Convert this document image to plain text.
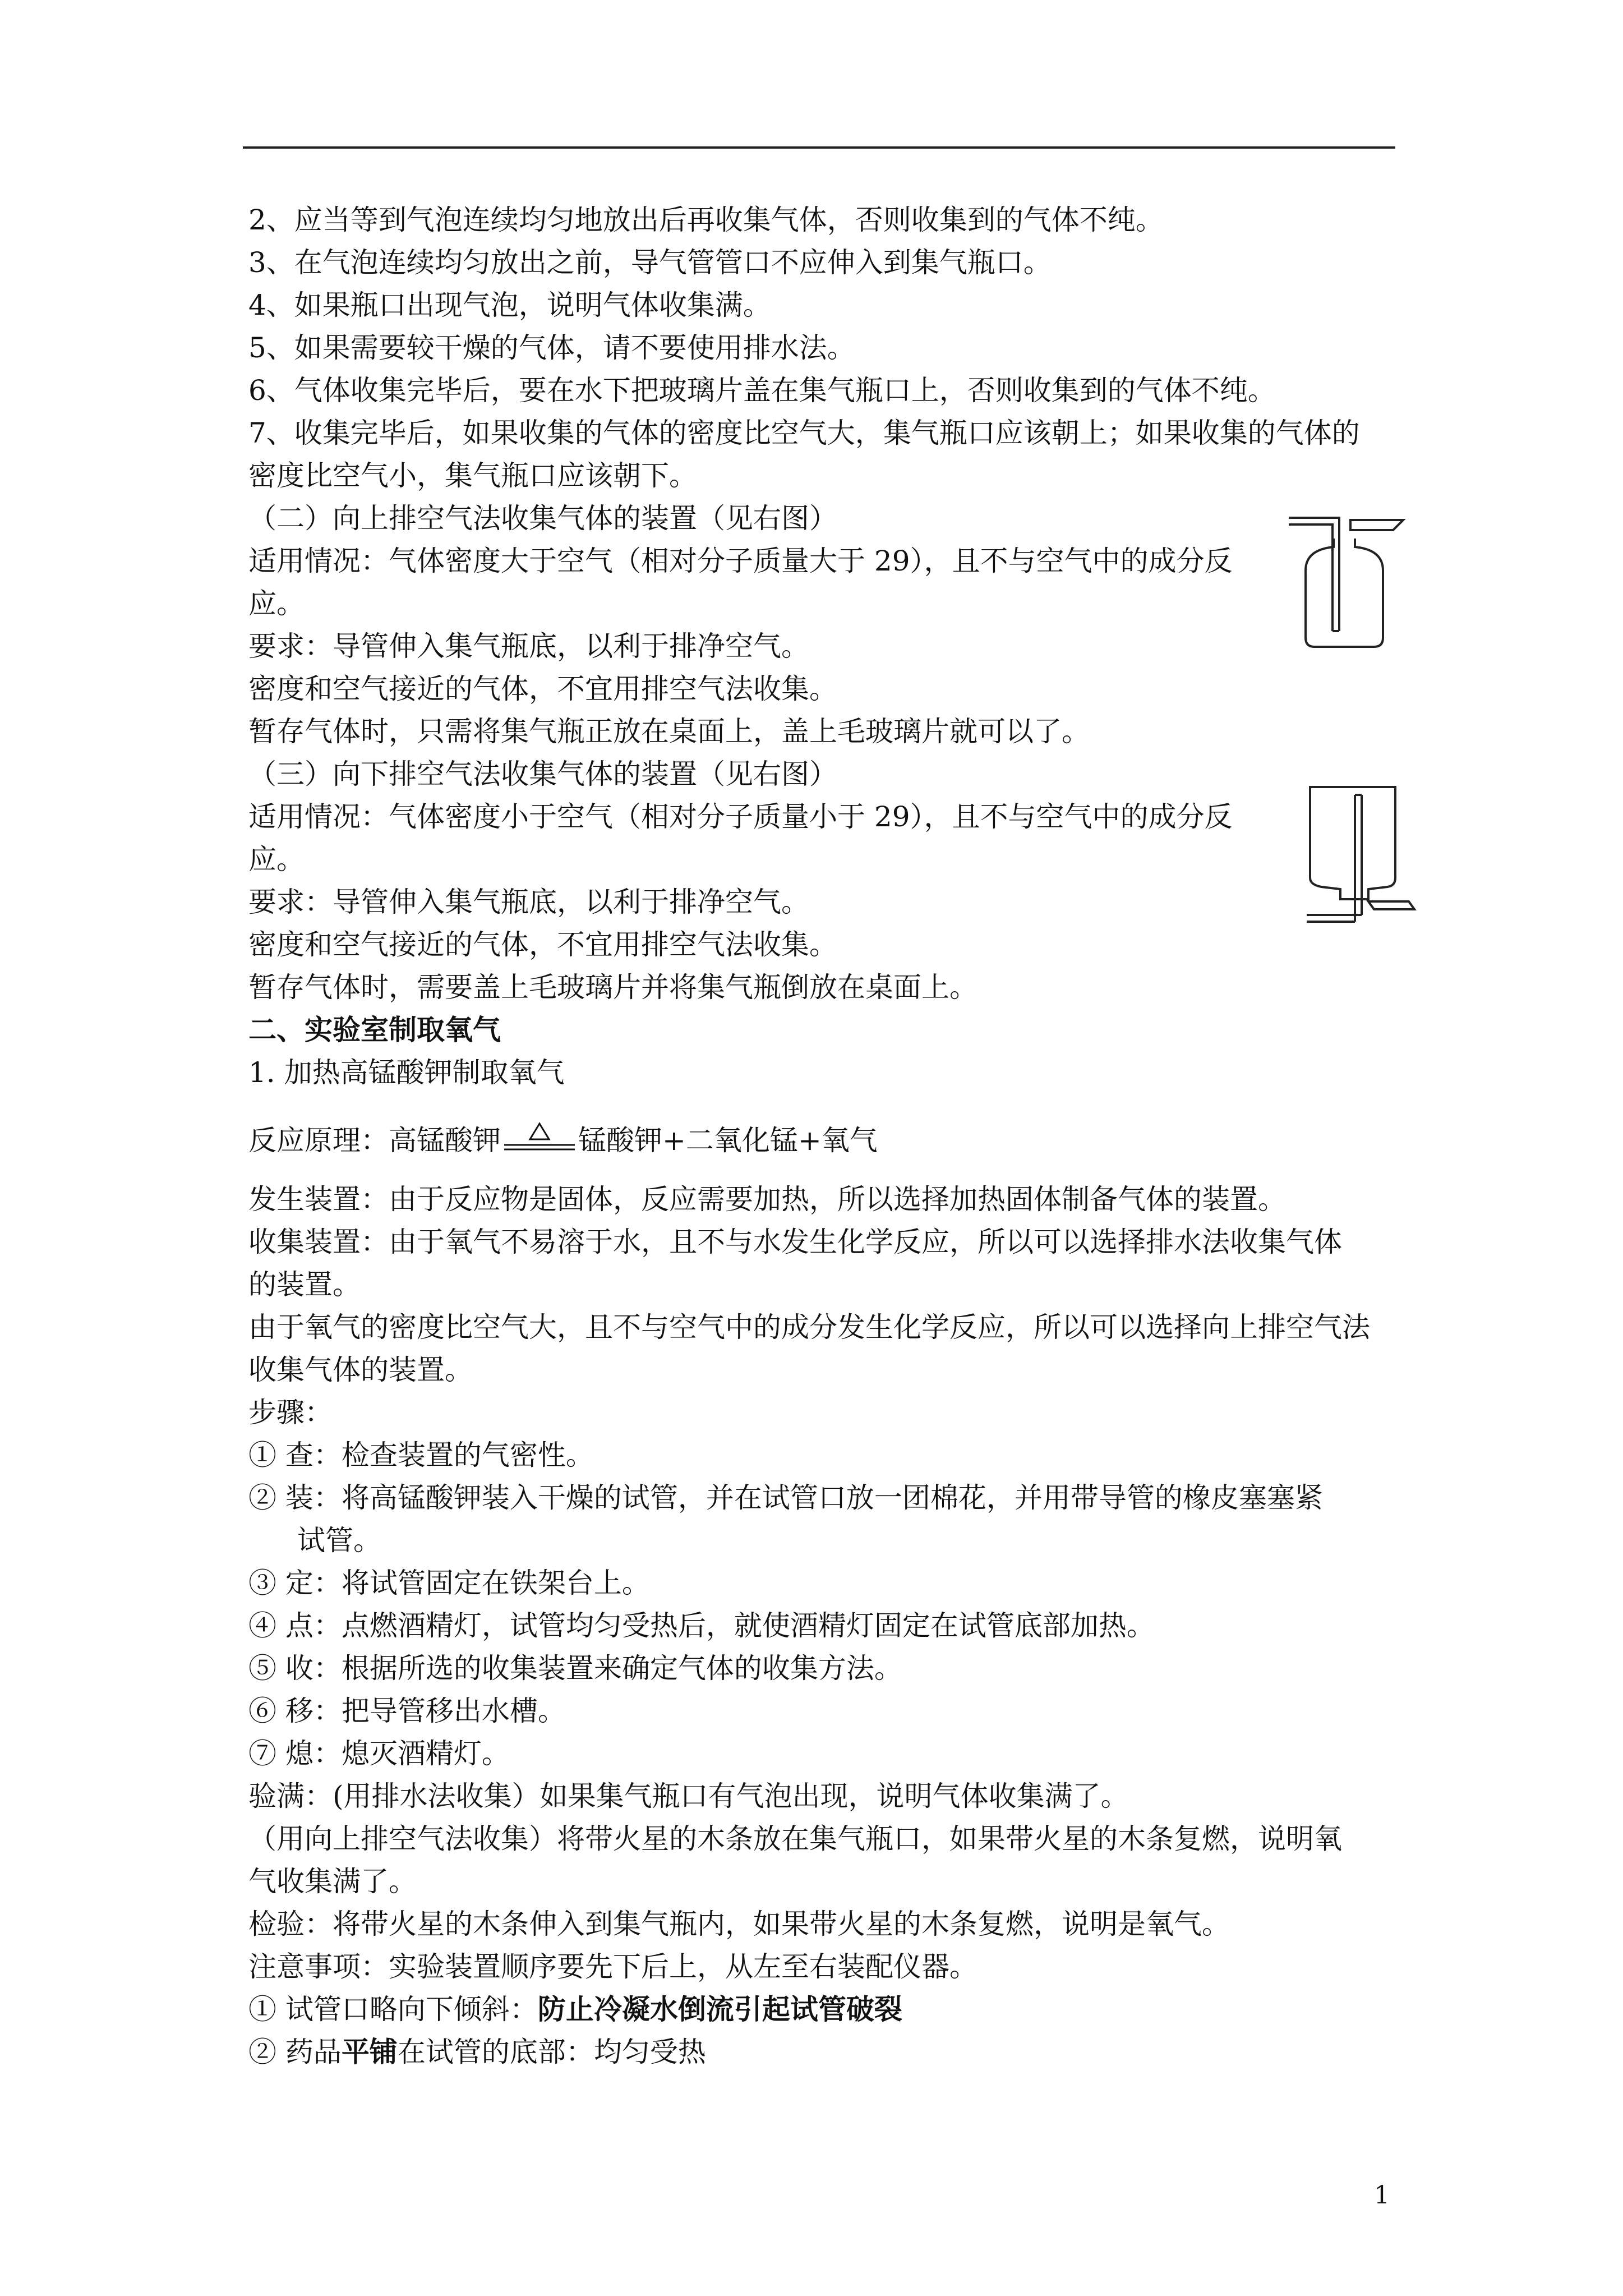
2、应当等到气泡连续均匀地放出后再收集气体，否则收集到的气体不纯。
3、在气泡连续均匀放出之前，导气管管口不应伸入到集气瓶口。
4、如果瓶口出现气泡，说明气体收集满。
5、如果需要较干燥的气体，请不要使用排水法。
6、气体收集完毕后，要在水下把玻璃片盖在集气瓶口上，否则收集到的气体不纯。
7、收集完毕后，如果收集的气体的密度比空气大，集气瓶口应该朝上；如果收集的气体的
密度比空气小，集气瓶口应该朝下。
（二）向上排空气法收集气体的装置（见右图）
适用情况：气体密度大于空气（相对分子质量大于 29），且不与空气中的成分反
应。
要求：导管伸入集气瓶底，以利于排净空气。
密度和空气接近的气体，不宜用排空气法收集。
暂存气体时，只需将集气瓶正放在桌面上，盖上毛玻璃片就可以了。
（三）向下排空气法收集气体的装置（见右图）
适用情况：气体密度小于空气（相对分子质量小于 29），且不与空气中的成分反
应。
要求：导管伸入集气瓶底，以利于排净空气。
密度和空气接近的气体，不宜用排空气法收集。
暂存气体时，需要盖上毛玻璃片并将集气瓶倒放在桌面上。
二、实验室制取氧气
1. 加热高锰酸钾制取氧气
反应原理：高锰酸钾	锰酸钾+二氧化锰+氧气
发生装置：由于反应物是固体，反应需要加热，所以选择加热固体制备气体的装置。
收集装置：由于氧气不易溶于水，且不与水发生化学反应，所以可以选择排水法收集气体
的装置。
由于氧气的密度比空气大，且不与空气中的成分发生化学反应，所以可以选择向上排空气法
收集气体的装置。
步骤：
① 查：检查装置的气密性。
② 装：将高锰酸钾装入干燥的试管，并在试管口放一团棉花，并用带导管的橡皮塞塞紧
试管。
③ 定：将试管固定在铁架台上。
④ 点：点燃酒精灯，试管均匀受热后，就使酒精灯固定在试管底部加热。
⑤ 收：根据所选的收集装置来确定气体的收集方法。
⑥ 移：把导管移出水槽。
⑦ 熄：熄灭酒精灯。
验满：(用排水法收集）如果集气瓶口有气泡出现，说明气体收集满了。
（用向上排空气法收集）将带火星的木条放在集气瓶口，如果带火星的木条复燃，说明氧
气收集满了。
检验：将带火星的木条伸入到集气瓶内，如果带火星的木条复燃，说明是氧气。
注意事项：实验装置顺序要先下后上，从左至右装配仪器。
① 试管口略向下倾斜：防止冷凝水倒流引起试管破裂
② 药品平铺在试管的底部：均匀受热
1
